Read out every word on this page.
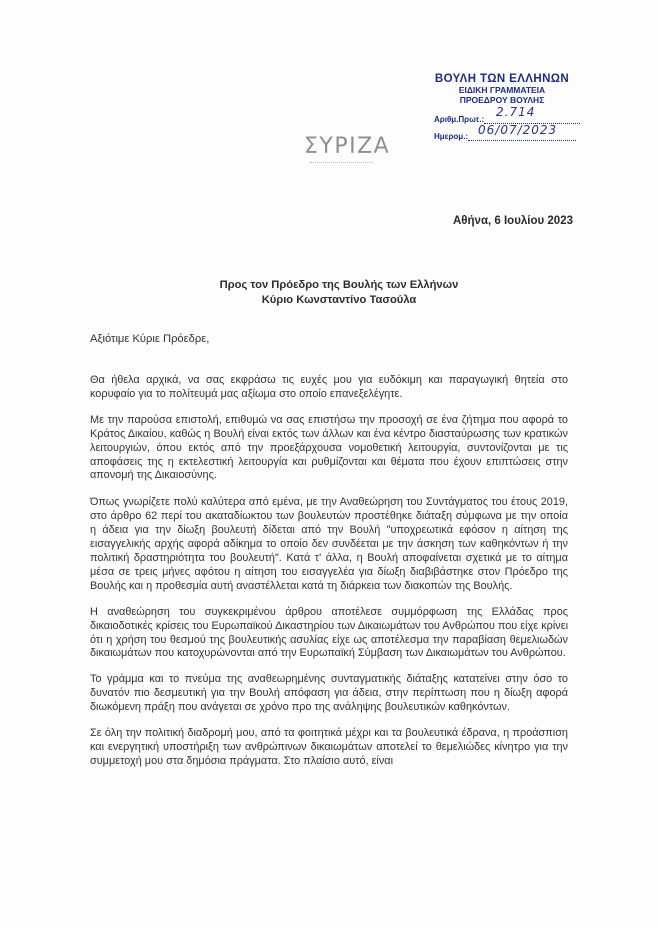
ΒΟΥΛΗ ΤΩΝ ΕΛΛΗΝΩΝ
ΕΙΔΙΚΗ ΓΡΑΜΜΑΤΕΙΑ
ΠΡΟΕΔΡΟΥ ΒΟΥΛΗΣ
Αριθμ.Πρωτ.:
2.714
Ημερομ.: 06/07/2023
ΣΥΡΙΖΑ
Αθήνα, 6 Ιουλίου 2023
Προς τον Πρόεδρο της Βουλής των Ελλήνων
Κύριο Κωνσταντίνο Τασούλα
Αξιότιμε Κύριε Πρόεδρε,

Θα ήθελα αρχικά, να σας εκφράσω τις ευχές μου για ευδόκιμη και παραγωγική θητεία στο κορυφαίο για το πολίτευμά μας αξίωμα στο οποίο επανεξελέγητε.

Με την παρούσα επιστολή, επιθυμώ να σας επιστήσω την προσοχή σε ένα ζήτημα που αφορά το Κράτος Δικαίου, καθώς η Βουλή είναι εκτός των άλλων και ένα κέντρο διασταύρωσης των κρατικών λειτουργιών, όπου εκτός από την προεξάρχουσα νομοθετική λειτουργία, συντονίζονται με τις αποφάσεις της η εκτελεστική λειτουργία και ρυθμίζονται και θέματα που έχουν επιπτώσεις στην απονομή της Δικαιοσύνης.

Όπως γνωρίζετε πολύ καλύτερα από εμένα, με την Αναθεώρηση του Συντάγματος του έτους 2019, στο άρθρο 62 περί του ακαταδίωκτου των βουλευτών προστέθηκε διάταξη σύμφωνα με την οποία η άδεια για την δίωξη βουλευτή δίδεται από την Βουλή "υποχρεωτικά εφόσον η αίτηση της εισαγγελικής αρχής αφορά αδίκημα το οποίο δεν συνδέεται με την άσκηση των καθηκόντων ή την πολιτική δραστηριότητα του βουλευτή". Κατά τ' άλλα, η Βουλή αποφαίνεται σχετικά με το αίτημα μέσα σε τρεις μήνες αφότου η αίτηση του εισαγγελέα για δίωξη διαβιβάστηκε στον Πρόεδρο της Βουλής και η προθεσμία αυτή αναστέλλεται κατά τη διάρκεια των διακοπών της Βουλής.

Η αναθεώρηση του συγκεκριμένου άρθρου αποτέλεσε συμμόρφωση της Ελλάδας προς δικαιοδοτικές κρίσεις του Ευρωπαϊκού Δικαστηρίου των Δικαιωμάτων του Ανθρώπου που είχε κρίνει ότι η χρήση του θεσμού της βουλευτικής ασυλίας είχε ως αποτέλεσμα την παραβίαση θεμελιωδών δικαιωμάτων που κατοχυρώνονται από την Ευρωπαϊκή Σύμβαση των Δικαιωμάτων του Ανθρώπου.

Το γράμμα και το πνεύμα της αναθεωρημένης συνταγματικής διάταξης κατατείνει στην όσο το δυνατόν πιο δεσμευτική για την Βουλή απόφαση για άδεια, στην περίπτωση που η δίωξη αφορά διωκόμενη πράξη που ανάγεται σε χρόνο προ της ανάληψης βουλευτικών καθηκόντων.

Σε όλη την πολιτική διαδρομή μου, από τα φοιτητικά μέχρι και τα βουλευτικά έδρανα, η προάσπιση και ενεργητική υποστήριξη των ανθρώπινων δικαιωμάτων αποτελεί το θεμελιώδες κίνητρο για την συμμετοχή μου στα δημόσια πράγματα. Στο πλαίσιο αυτό, είναι
